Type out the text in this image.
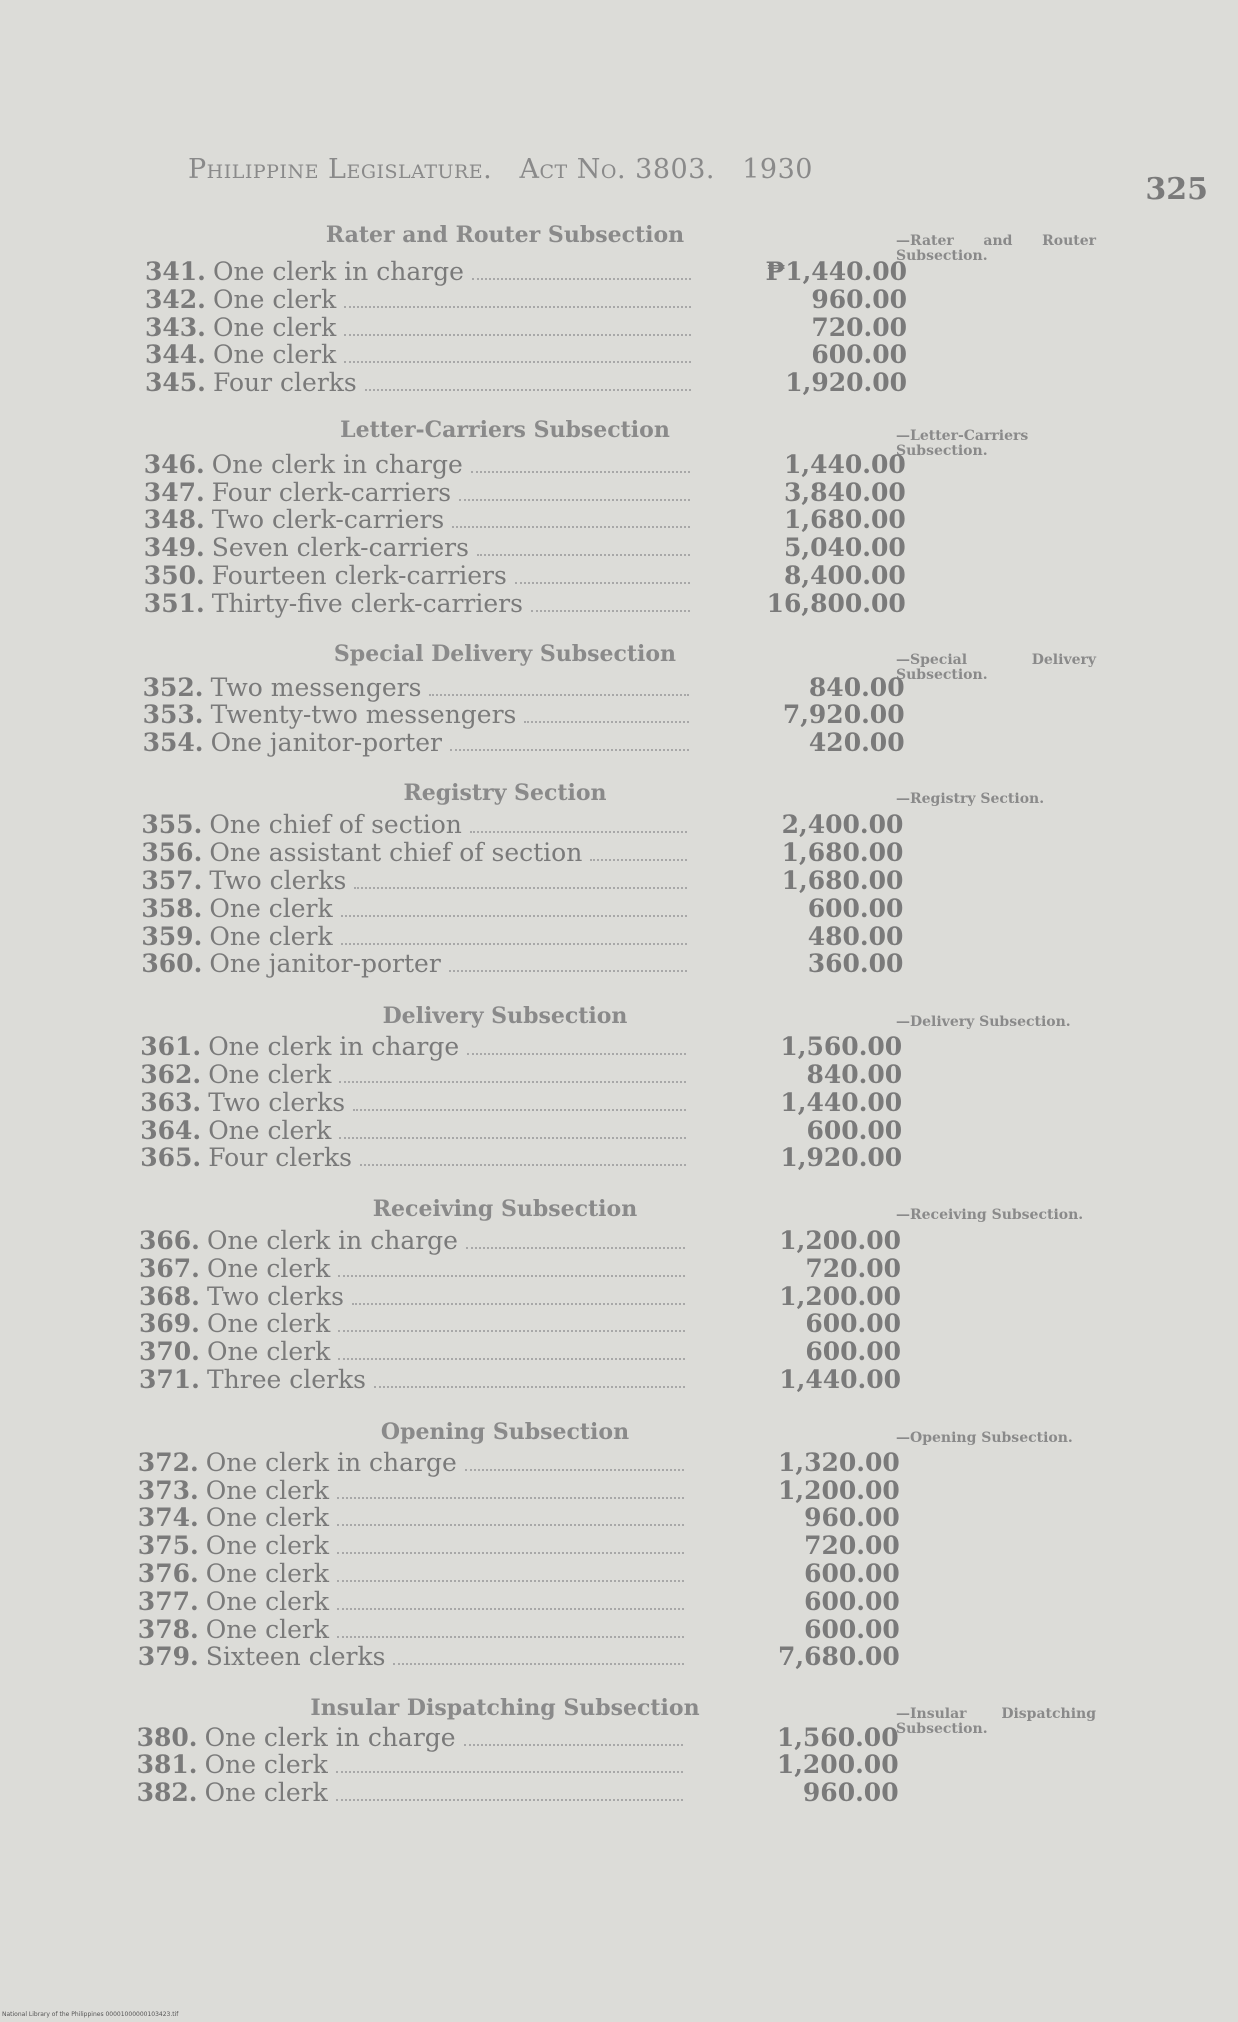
Philippine Legislature. Act No. 3803. 1930
325
Rater and Router Subsection	—Rater and Router Subsection.
341. One clerk in charge	₱1,440.00
342. One clerk	960.00
343. One clerk	720.00
344. One clerk	600.00
345. Four clerks	1,920.00
Letter-Carriers Subsection	—Letter-Carriers Subsection.
346. One clerk in charge	1,440.00
347. Four clerk-carriers	3,840.00
348. Two clerk-carriers	1,680.00
349. Seven clerk-carriers	5,040.00
350. Fourteen clerk-carriers	8,400.00
351. Thirty-five clerk-carriers	16,800.00
Special Delivery Subsection	—Special Delivery Subsection.
352. Two messengers	840.00
353. Twenty-two messengers	7,920.00
354. One janitor-porter	420.00
Registry Section	—Registry Section.
355. One chief of section	2,400.00
356. One assistant chief of section	1,680.00
357. Two clerks	1,680.00
358. One clerk	600.00
359. One clerk	480.00
360. One janitor-porter	360.00
Delivery Subsection	—Delivery Subsection.
361. One clerk in charge	1,560.00
362. One clerk	840.00
363. Two clerks	1,440.00
364. One clerk	600.00
365. Four clerks	1,920.00
Receiving Subsection	—Receiving Subsection.
366. One clerk in charge	1,200.00
367. One clerk	720.00
368. Two clerks	1,200.00
369. One clerk	600.00
370. One clerk	600.00
371. Three clerks	1,440.00
Opening Subsection	—Opening Subsection.
372. One clerk in charge	1,320.00
373. One clerk	1,200.00
374. One clerk	960.00
375. One clerk	720.00
376. One clerk	600.00
377. One clerk	600.00
378. One clerk	600.00
379. Sixteen clerks	7,680.00
Insular Dispatching Subsection	—Insular Dispatching Subsection.
380. One clerk in charge	1,560.00
381. One clerk	1,200.00
382. One clerk	960.00
National Library of the Philippines 00001000000103423.tif
